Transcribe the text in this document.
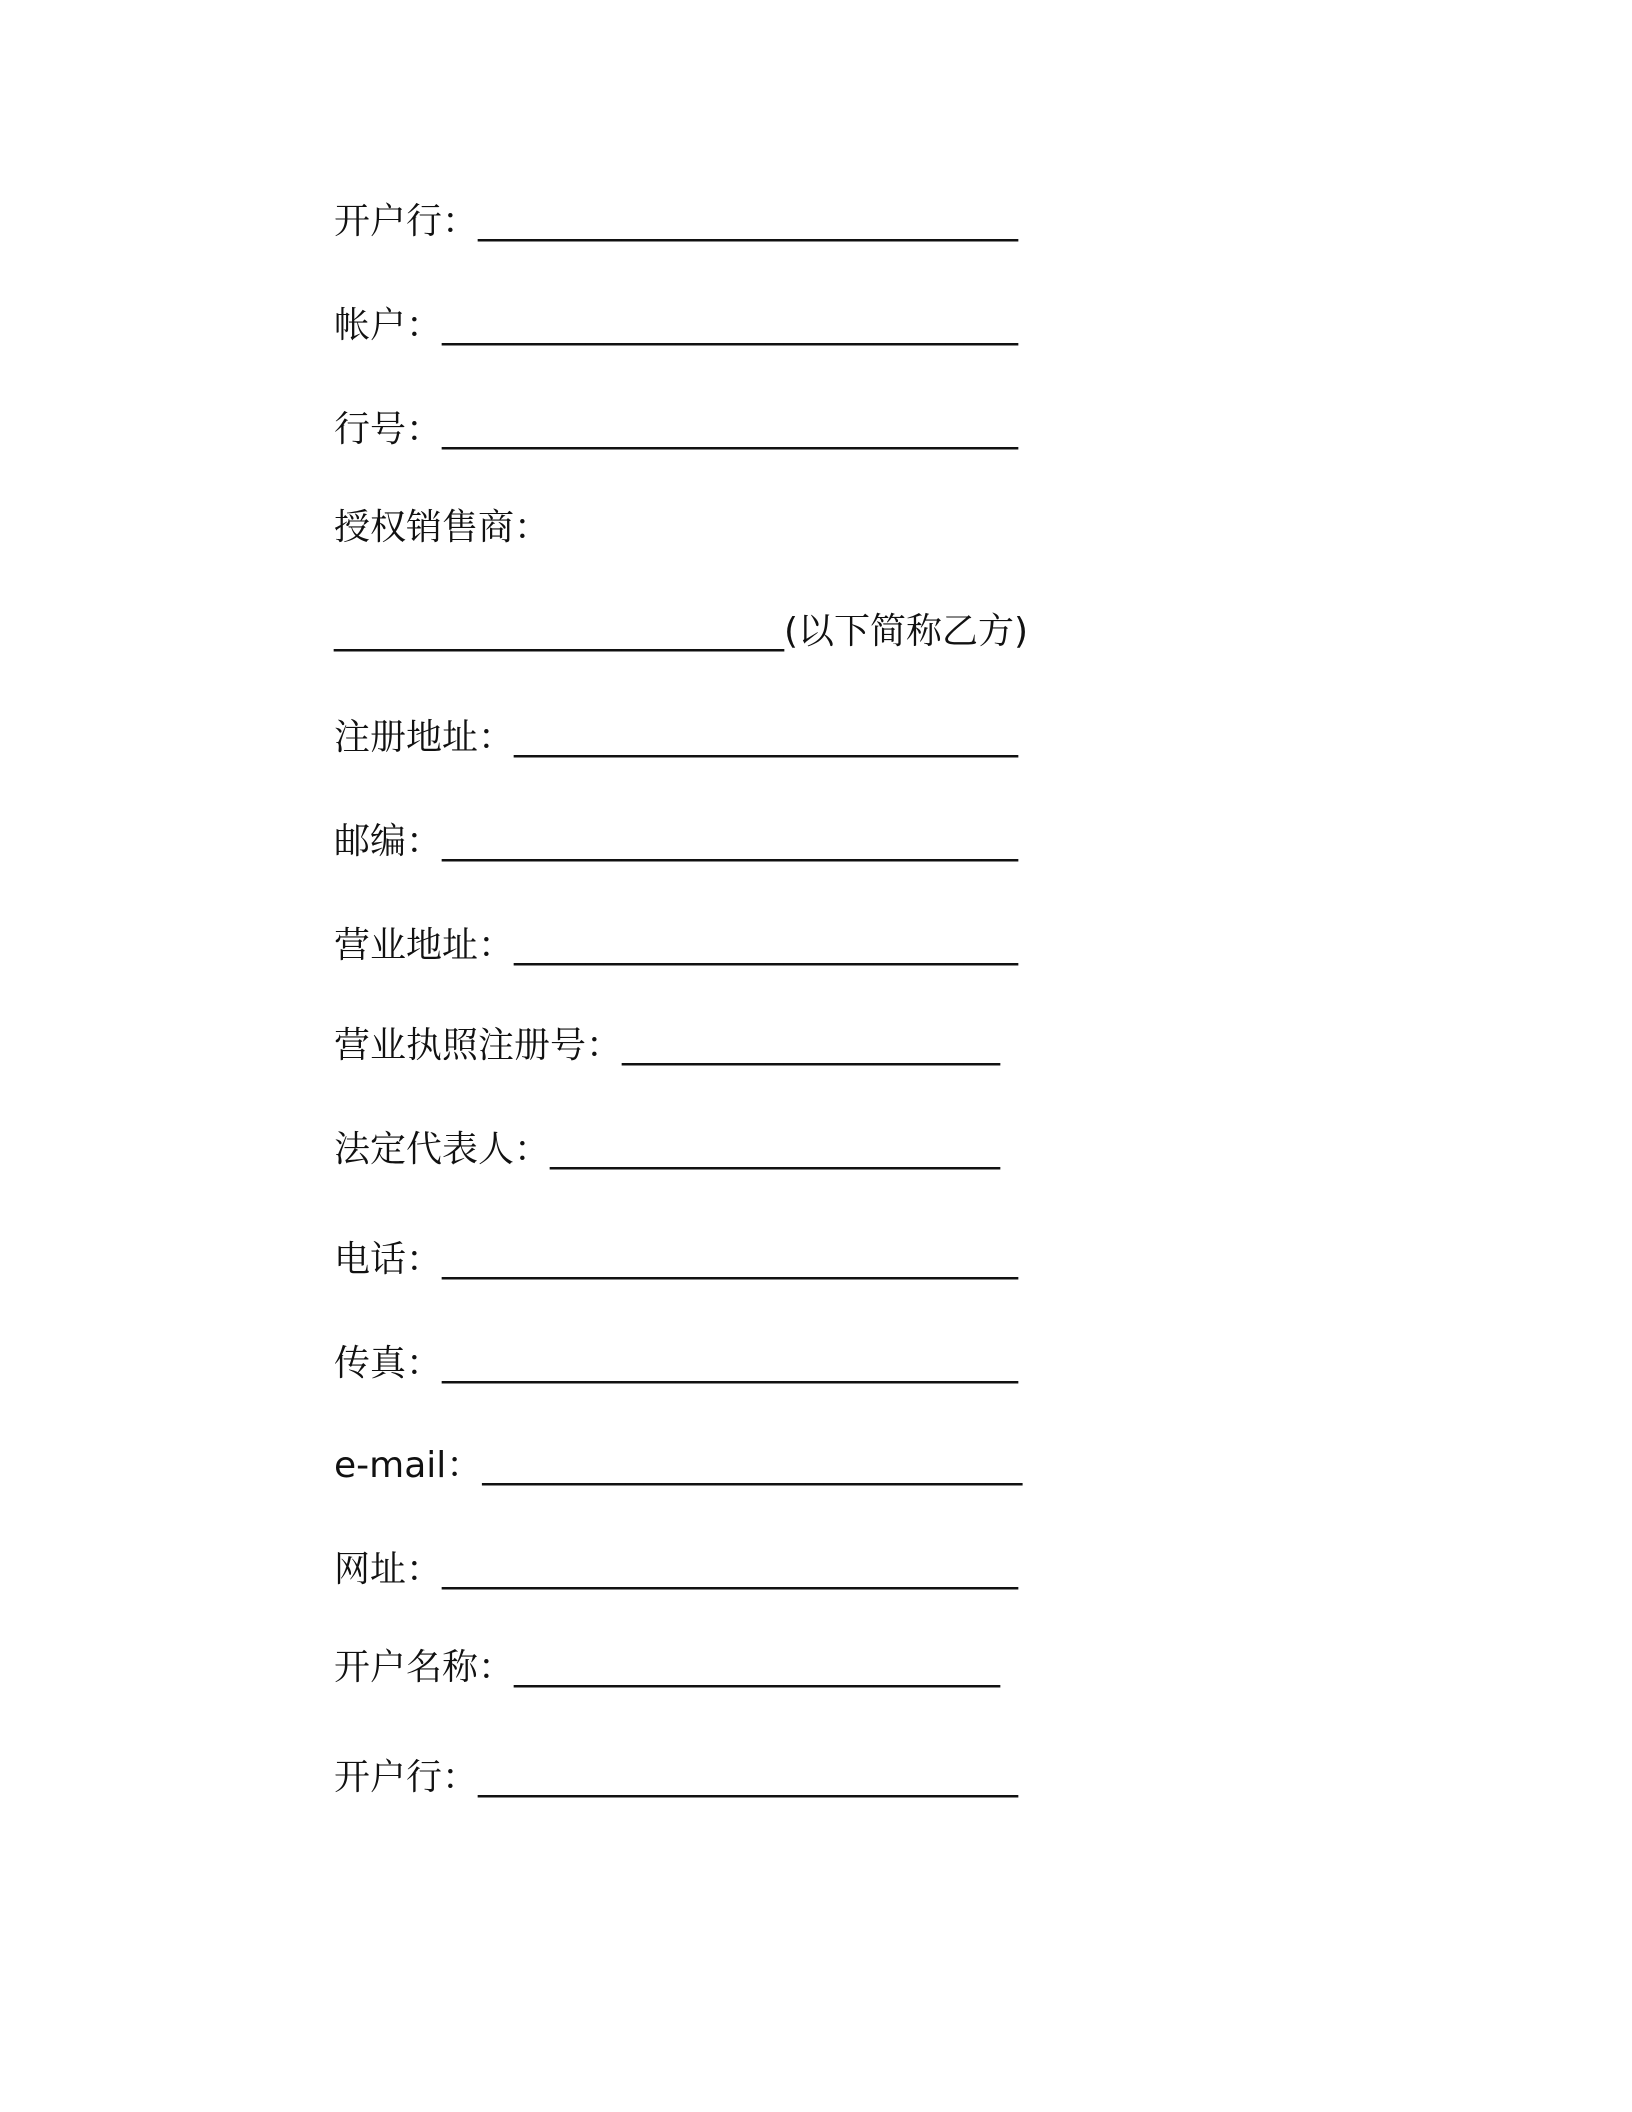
开户行：______________________________
帐户：________________________________
行号：________________________________
授权销售商：
_________________________(以下简称乙方)
注册地址：____________________________
邮编：________________________________
营业地址：____________________________
营业执照注册号：_____________________
法定代表人：_________________________
电话：________________________________
传真：________________________________
e-mail：______________________________
网址：________________________________
开户名称：___________________________
开户行：______________________________
